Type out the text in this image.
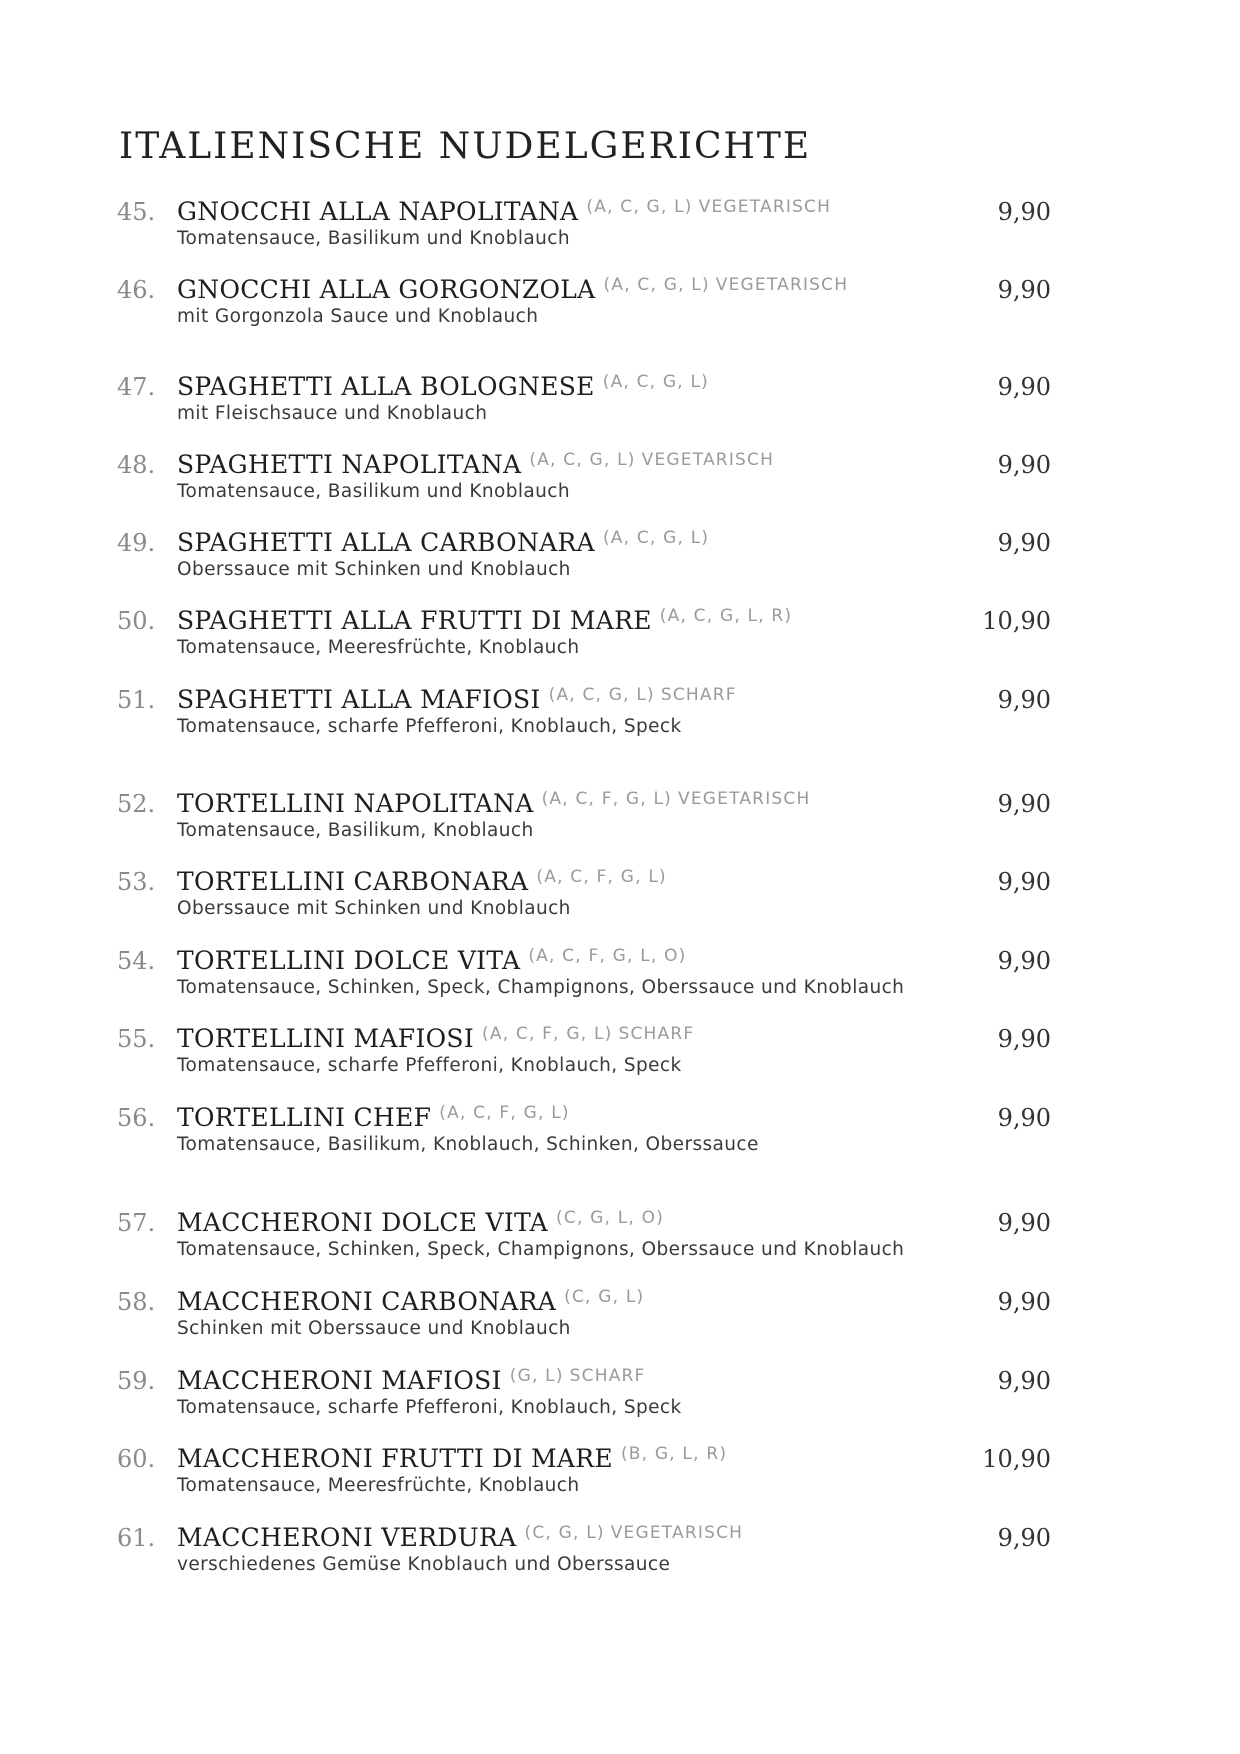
ITALIENISCHE NUDELGERICHTE
45. GNOCCHI ALLA NAPOLITANA (A, C, G, L) VEGETARISCH
Tomatensauce, Basilikum und Knoblauch
9,90
46. GNOCCHI ALLA GORGONZOLA (A, C, G, L) VEGETARISCH
mit Gorgonzola Sauce und Knoblauch
9,90
47. SPAGHETTI ALLA BOLOGNESE (A, C, G, L)
mit Fleischsauce und Knoblauch
9,90
48. SPAGHETTI NAPOLITANA (A, C, G, L) VEGETARISCH
Tomatensauce, Basilikum und Knoblauch
9,90
49. SPAGHETTI ALLA CARBONARA (A, C, G, L)
Oberssauce mit Schinken und Knoblauch
9,90
50. SPAGHETTI ALLA FRUTTI DI MARE (A, C, G, L, R)
Tomatensauce, Meeresfrüchte, Knoblauch
10,90
51. SPAGHETTI ALLA MAFIOSI (A, C, G, L) SCHARF
Tomatensauce, scharfe Pfefferoni, Knoblauch, Speck
9,90
52. TORTELLINI NAPOLITANA (A, C, F, G, L) VEGETARISCH
Tomatensauce, Basilikum, Knoblauch
9,90
53. TORTELLINI CARBONARA (A, C, F, G, L)
Oberssauce mit Schinken und Knoblauch
9,90
54. TORTELLINI DOLCE VITA (A, C, F, G, L, O)
Tomatensauce, Schinken, Speck, Champignons, Oberssauce und Knoblauch
9,90
55. TORTELLINI MAFIOSI (A, C, F, G, L) SCHARF
Tomatensauce, scharfe Pfefferoni, Knoblauch, Speck
9,90
56. TORTELLINI CHEF (A, C, F, G, L)
Tomatensauce, Basilikum, Knoblauch, Schinken, Oberssauce
9,90
57. MACCHERONI DOLCE VITA (C, G, L, O)
Tomatensauce, Schinken, Speck, Champignons, Oberssauce und Knoblauch
9,90
58. MACCHERONI CARBONARA (C, G, L)
Schinken mit Oberssauce und Knoblauch
9,90
59. MACCHERONI MAFIOSI (G, L) SCHARF
Tomatensauce, scharfe Pfefferoni, Knoblauch, Speck
9,90
60. MACCHERONI FRUTTI DI MARE (B, G, L, R)
Tomatensauce, Meeresfrüchte, Knoblauch
10,90
61. MACCHERONI VERDURA (C, G, L) VEGETARISCH
verschiedenes Gemüse Knoblauch und Oberssauce
9,90
